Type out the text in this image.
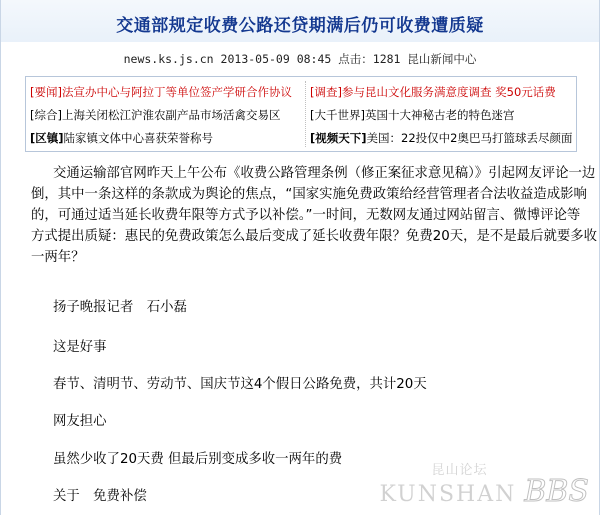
交通部规定收费公路还贷期满后仍可收费遭质疑
news.ks.js.cn 2013-05-09 08:45 点击：1281 昆山新闻中心
[要闻]法宣办中心与阿拉丁等单位签产学研合作协议
[综合]上海关闭松江沪淮农副产品市场活禽交易区
[区镇]陆家镇文体中心喜获荣誉称号
[调查]参与昆山文化服务满意度调查 奖50元话费
[大千世界]英国十大神秘古老的特色迷宫
[视频天下]美国：22投仅中2奥巴马打篮球丢尽颜面
交通运输部官网昨天上午公布《收费公路管理条例（修正案征求意见稿）》引起网友评论一边
倒，其中一条这样的条款成为舆论的焦点，“国家实施免费政策给经营管理者合法收益造成影响
的，可通过适当延长收费年限等方式予以补偿。”一时间，无数网友通过网站留言、微博评论等
方式提出质疑：惠民的免费政策怎么最后变成了延长收费年限？免费20天，是不是最后就要多收
一两年？
扬子晚报记者　石小磊
这是好事
春节、清明节、劳动节、国庆节这4个假日公路免费，共计20天
网友担心
虽然少收了20天费 但最后别变成多收一两年的费
关于　免费补偿
昆山论坛
KUNSHAN BBS
